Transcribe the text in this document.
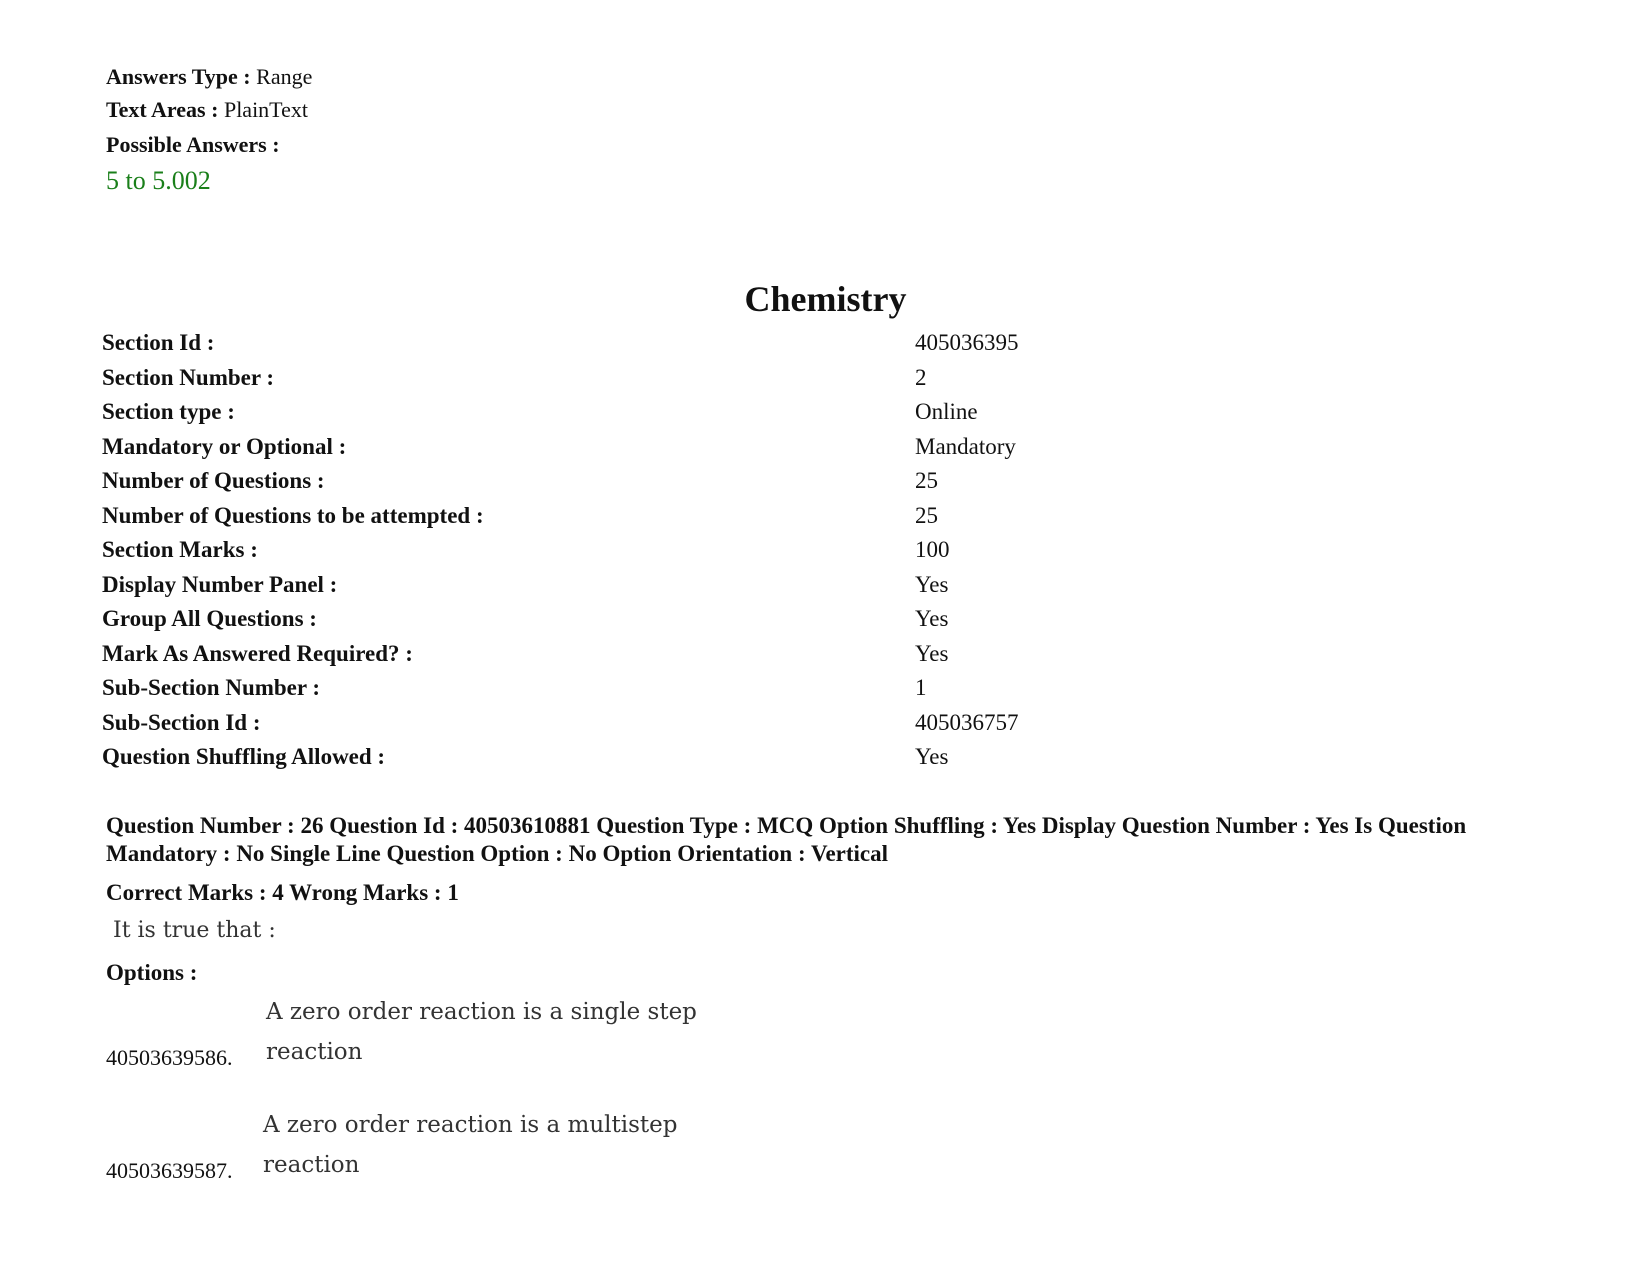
Answers Type : Range
Text Areas : PlainText
Possible Answers :
5 to 5.002
Chemistry
Section Id :	405036395
Section Number :	2
Section type :	Online
Mandatory or Optional :	Mandatory
Number of Questions :	25
Number of Questions to be attempted :	25
Section Marks :	100
Display Number Panel :	Yes
Group All Questions :	Yes
Mark As Answered Required? :	Yes
Sub-Section Number :	1
Sub-Section Id :	405036757
Question Shuffling Allowed :	Yes
Question Number : 26 Question Id : 40503610881 Question Type : MCQ Option Shuffling : Yes Display Question Number : Yes Is Question Mandatory : No Single Line Question Option : No Option Orientation : Vertical
Correct Marks : 4 Wrong Marks : 1
It is true that :
Options :
40503639586.
A zero order reaction is a single step
reaction
40503639587.
A zero order reaction is a multistep
reaction
